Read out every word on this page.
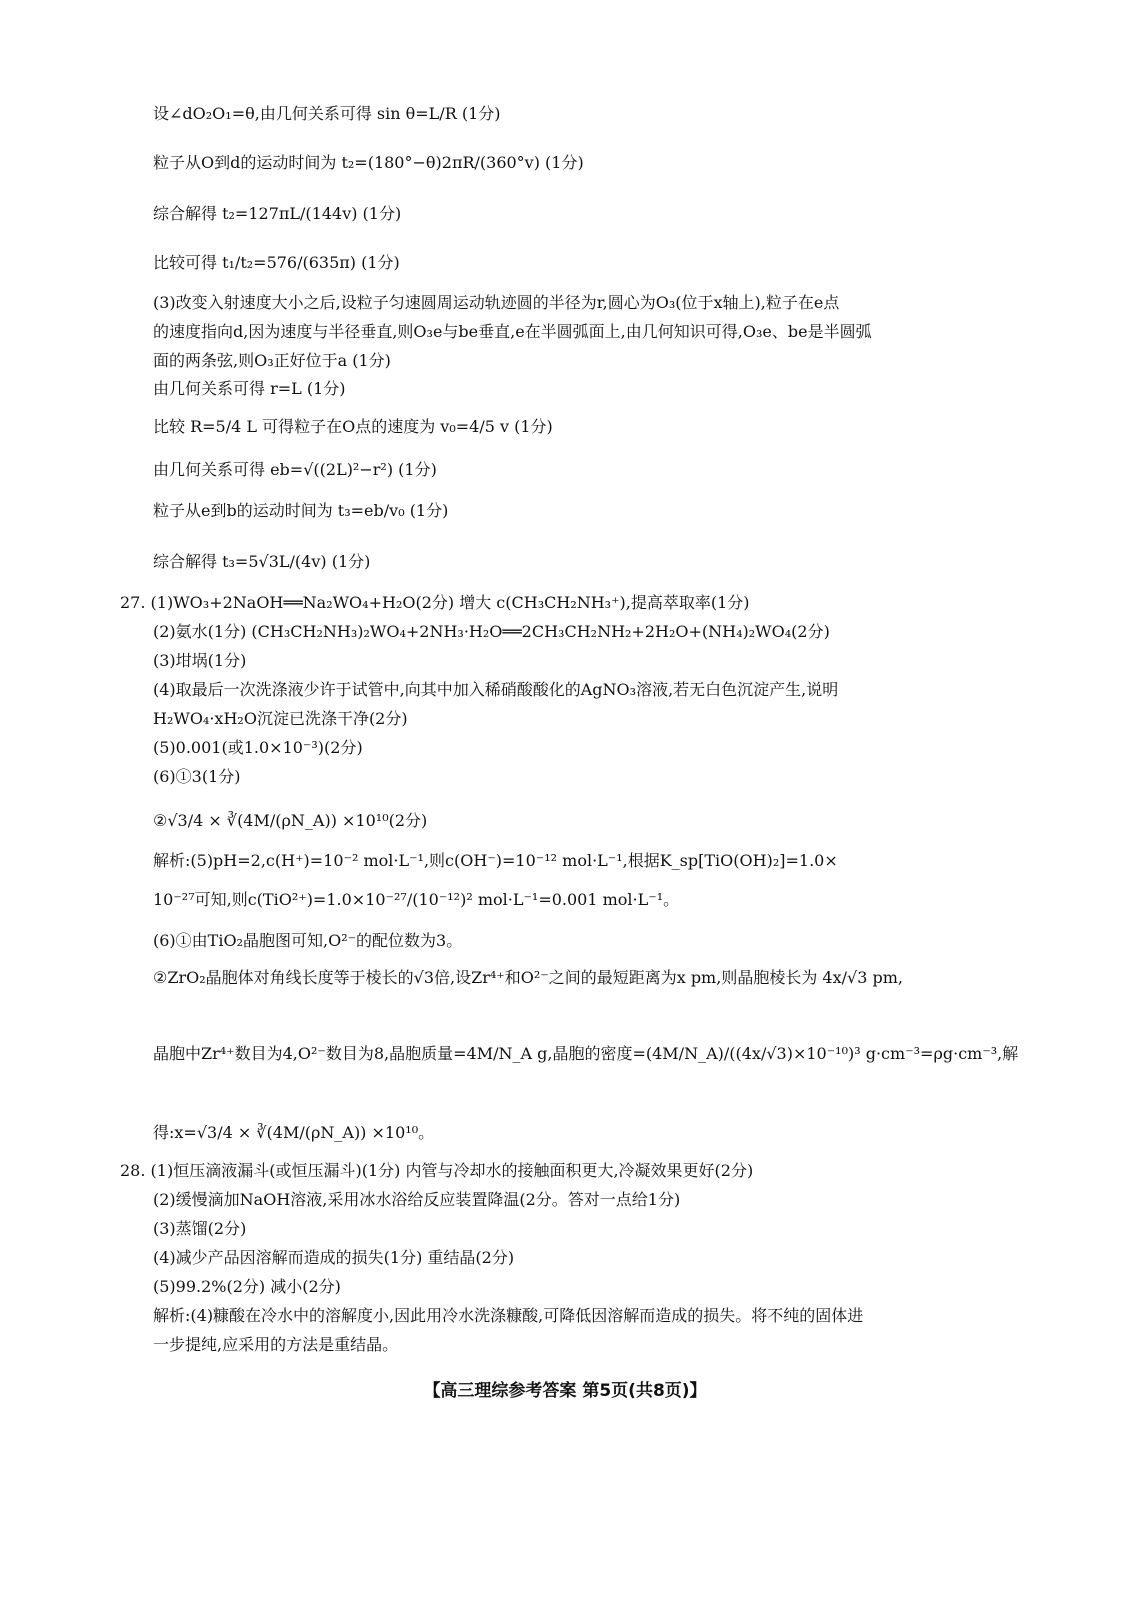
设∠dO₂O₁=θ,由几何关系可得 sin θ=L/R (1分)
粒子从O到d的运动时间为 t₂=(180°−θ)2πR/(360°v) (1分)
综合解得 t₂=127πL/(144v) (1分)
比较可得 t₁/t₂=576/(635π) (1分)
(3)改变入射速度大小之后,设粒子匀速圆周运动轨迹圆的半径为r,圆心为O₃(位于x轴上),粒子在e点
的速度指向d,因为速度与半径垂直,则O₃e与be垂直,e在半圆弧面上,由几何知识可得,O₃e、be是半圆弧
面的两条弦,则O₃正好位于a (1分)
由几何关系可得 r=L (1分)
比较 R=5/4 L 可得粒子在O点的速度为 v₀=4/5 v (1分)
由几何关系可得 eb=√((2L)²−r²) (1分)
粒子从e到b的运动时间为 t₃=eb/v₀ (1分)
综合解得 t₃=5√3L/(4v) (1分)
27. (1)WO₃+2NaOH══Na₂WO₄+H₂O(2分) 增大 c(CH₃CH₂NH₃⁺),提高萃取率(1分)
(2)氨水(1分) (CH₃CH₂NH₃)₂WO₄+2NH₃·H₂O══2CH₃CH₂NH₂+2H₂O+(NH₄)₂WO₄(2分)
(3)坩埚(1分)
(4)取最后一次洗涤液少许于试管中,向其中加入稀硝酸酸化的AgNO₃溶液,若无白色沉淀产生,说明
H₂WO₄·xH₂O沉淀已洗涤干净(2分)
(5)0.001(或1.0×10⁻³)(2分)
(6)①3(1分)
②√3/4 × ∛(4M/(ρN_A)) ×10¹⁰(2分)
解析:(5)pH=2,c(H⁺)=10⁻² mol·L⁻¹,则c(OH⁻)=10⁻¹² mol·L⁻¹,根据K_sp[TiO(OH)₂]=1.0×
10⁻²⁷可知,则c(TiO²⁺)=1.0×10⁻²⁷/(10⁻¹²)² mol·L⁻¹=0.001 mol·L⁻¹。
(6)①由TiO₂晶胞图可知,O²⁻的配位数为3。
②ZrO₂晶胞体对角线长度等于棱长的√3倍,设Zr⁴⁺和O²⁻之间的最短距离为x pm,则晶胞棱长为 4x/√3 pm,
晶胞中Zr⁴⁺数目为4,O²⁻数目为8,晶胞质量=4M/N_A g,晶胞的密度=(4M/N_A)/((4x/√3)×10⁻¹⁰)³ g·cm⁻³=ρg·cm⁻³,解
得:x=√3/4 × ∛(4M/(ρN_A)) ×10¹⁰。
28. (1)恒压滴液漏斗(或恒压漏斗)(1分) 内管与冷却水的接触面积更大,冷凝效果更好(2分)
(2)缓慢滴加NaOH溶液,采用冰水浴给反应装置降温(2分。答对一点给1分)
(3)蒸馏(2分)
(4)减少产品因溶解而造成的损失(1分) 重结晶(2分)
(5)99.2%(2分) 减小(2分)
解析:(4)糠酸在冷水中的溶解度小,因此用冷水洗涤糠酸,可降低因溶解而造成的损失。将不纯的固体进
一步提纯,应采用的方法是重结晶。
【高三理综参考答案 第5页(共8页)】
